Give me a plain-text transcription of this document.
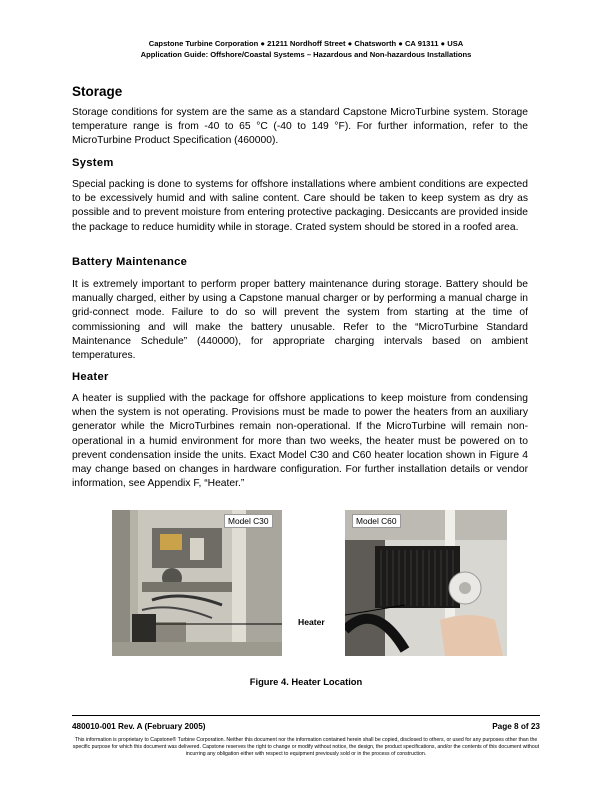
Capstone Turbine Corporation ● 21211 Nordhoff Street ● Chatsworth ● CA 91311 ● USA
Application Guide: Offshore/Coastal Systems – Hazardous and Non-hazardous Installations
Storage

Storage conditions for system are the same as a standard Capstone MicroTurbine system. Storage temperature range is from -40 to 65 °C (-40 to 149 °F). For further information, refer to the MicroTurbine Product Specification (460000).

System

Special packing is done to systems for offshore installations where ambient conditions are expected to be excessively humid and with saline content. Care should be taken to keep system as dry as possible and to prevent moisture from entering protective packaging. Desiccants are provided inside the package to reduce humidity while in storage. Crated system should be stored in a roofed area.

Battery Maintenance

It is extremely important to perform proper battery maintenance during storage. Battery should be manually charged, either by using a Capstone manual charger or by performing a manual charge in grid-connect mode. Failure to do so will prevent the system from starting at the time of commissioning and will make the battery unusable. Refer to the “MicroTurbine Standard Maintenance Schedule” (440000), for appropriate charging intervals based on ambient temperatures.

Heater

A heater is supplied with the package for offshore applications to keep moisture from condensing when the system is not operating. Provisions must be made to power the heaters from an auxiliary generator while the MicroTurbines remain non-operational. If the MicroTurbine will remain non-operational in a humid environment for more than two weeks, the heater must be powered on to prevent condensation inside the units. Exact Model C30 and C60 heater location shown in Figure 4 may change based on changes in hardware configuration. For further installation details or vendor information, see Appendix F, “Heater.”

Model C30	Model C60
Heater
Figure 4. Heater Location
480010-001 Rev. A (February 2005)	Page 8 of 23
This information is proprietary to Capstone® Turbine Corporation. Neither this document nor the information contained herein shall be copied, disclosed to others, or used for any purposes other than the specific purpose for which this document was delivered. Capstone reserves the right to change or modify without notice, the design, the product specifications, and/or the contents of this document without incurring any obligation either with respect to equipment previously sold or in the process of construction.
